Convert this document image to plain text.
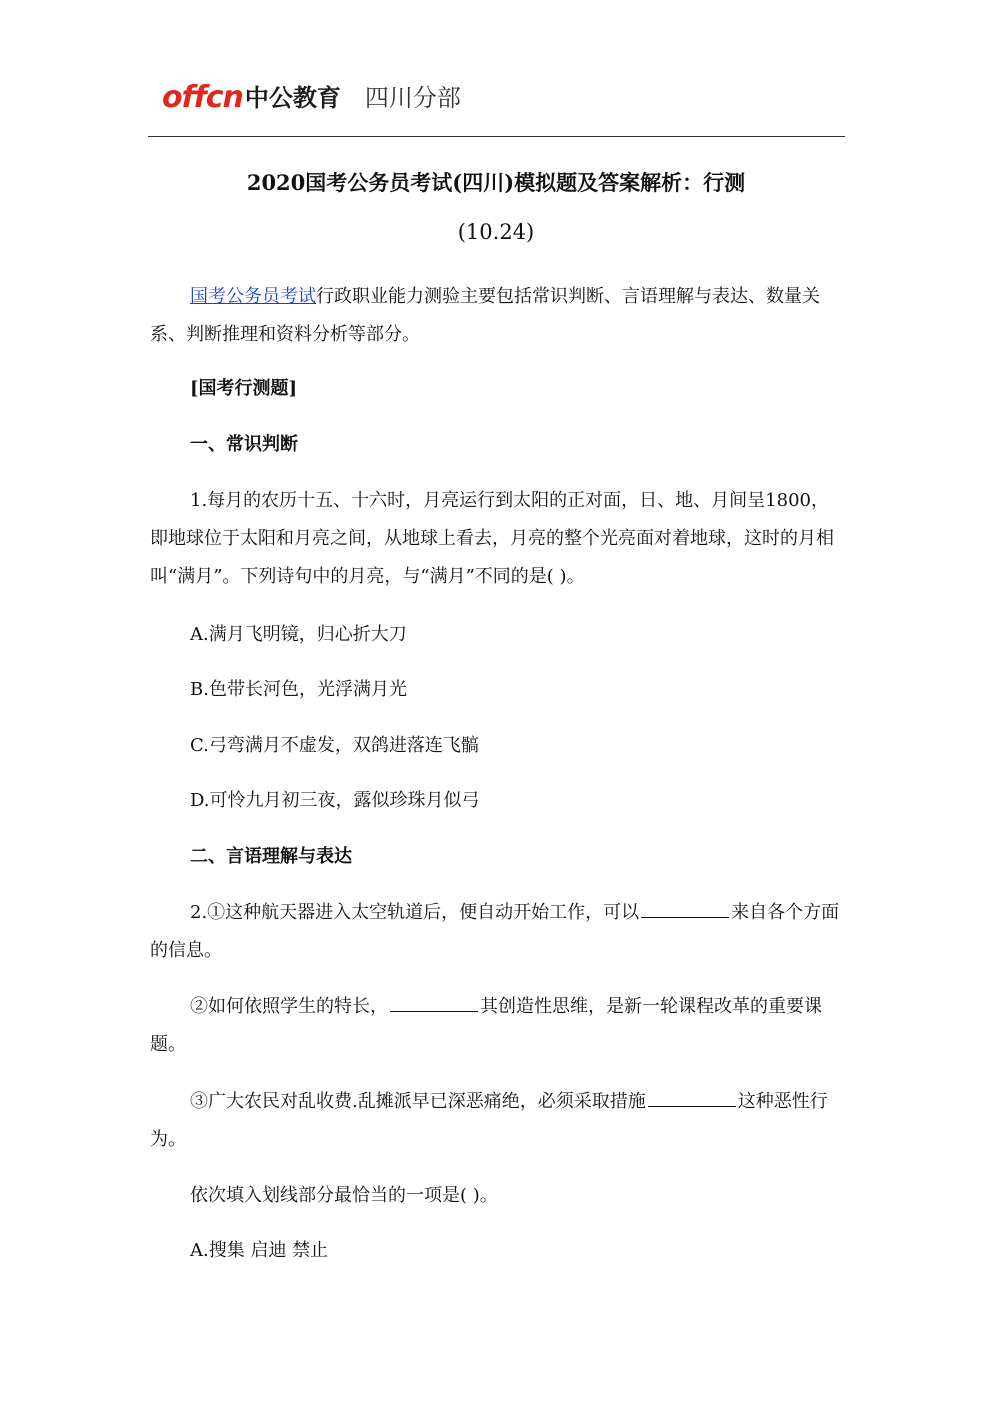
offcn 中公教育 四川分部
2020国考公务员考试(四川)模拟题及答案解析：行测
(10.24)

国考公务员考试行政职业能力测验主要包括常识判断、言语理解与表达、数量关系、判断推理和资料分析等部分。

[国考行测题]

一、常识判断

1.每月的农历十五、十六时，月亮运行到太阳的正对面，日、地、月间呈1800，即地球位于太阳和月亮之间，从地球上看去，月亮的整个光亮面对着地球，这时的月相叫“满月”。下列诗句中的月亮，与“满月”不同的是( )。

A.满月飞明镜，归心折大刀

B.色带长河色，光浮满月光

C.弓弯满月不虚发，双鸽进落连飞髇

D.可怜九月初三夜，露似珍珠月似弓

二、言语理解与表达

2.①这种航天器进入太空轨道后，便自动开始工作，可以	来自各个方面的信息。

②如何依照学生的特长，	其创造性思维，是新一轮课程改革的重要课题。

③广大农民对乱收费.乱摊派早已深恶痛绝，必须采取措施	这种恶性行为。

依次填入划线部分最恰当的一项是( )。

A.搜集 启迪 禁止
